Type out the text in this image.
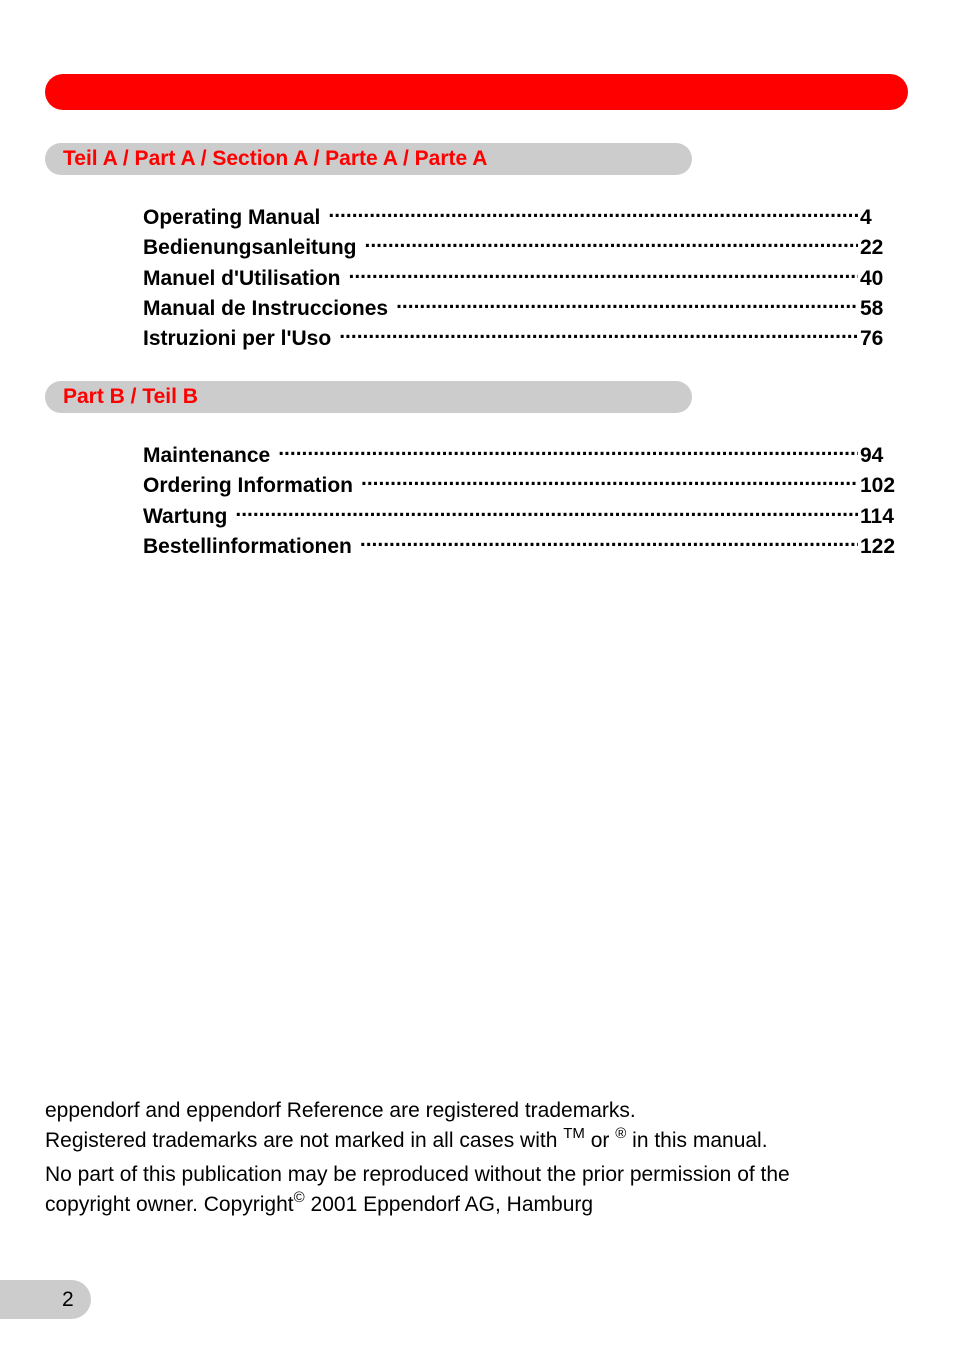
Teil A / Part A / Section A / Parte A / Parte A
Operating Manual .....	4
Bedienungsanleitung .....	22
Manuel d'Utilisation .....	40
Manual de Instrucciones .....	58
Istruzioni per l'Uso .....	76
Part B / Teil B
Maintenance .....	94
Ordering Information .....	102
Wartung .....	114
Bestellinformationen .....	122

eppendorf and eppendorf Reference are registered trademarks.

Registered trademarks are not marked in all cases with ™ or ® in this manual.

No part of this publication may be reproduced without the prior permission of the

copyright owner. Copyright© 2001 Eppendorf AG, Hamburg

2
